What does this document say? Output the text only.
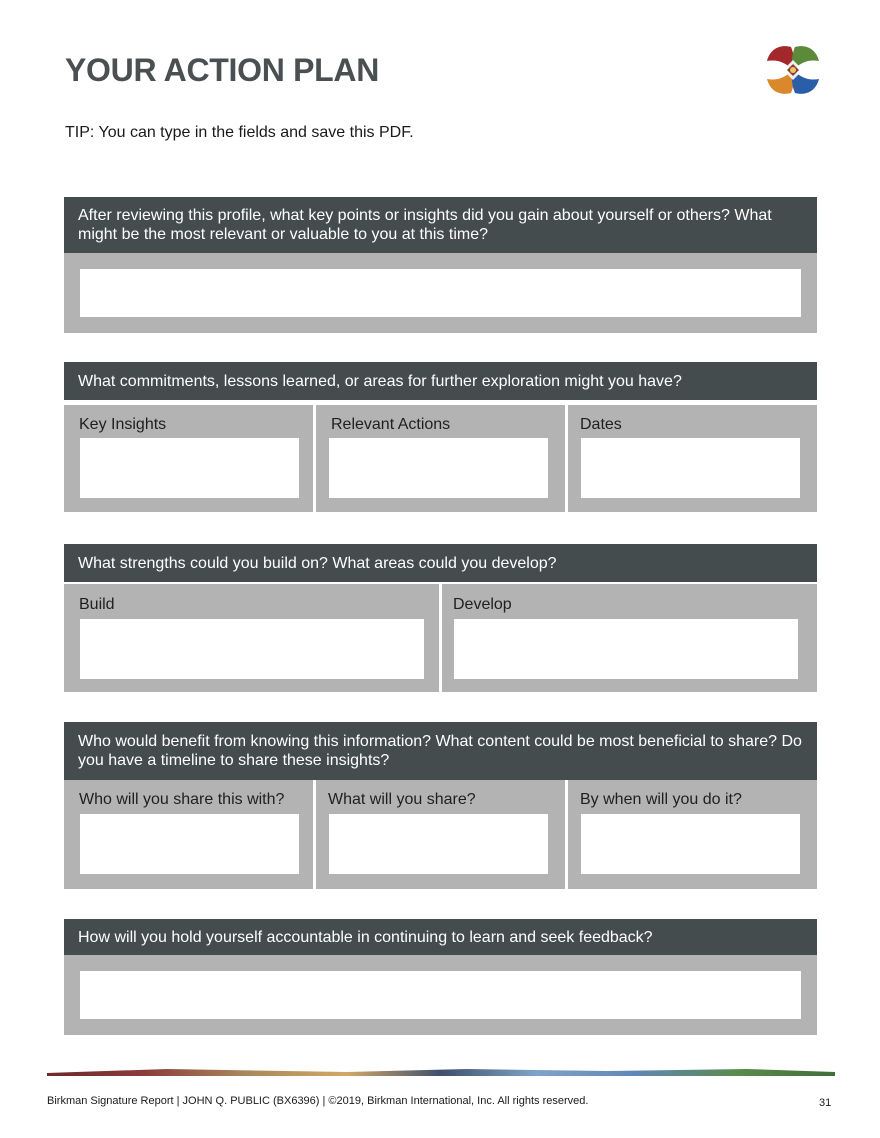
YOUR ACTION PLAN
TIP: You can type in the fields and save this PDF.
After reviewing this profile, what key points or insights did you gain about yourself or others? What might be the most relevant or valuable to you at this time?
What commitments, lessons learned, or areas for further exploration might you have?
Key Insights	Relevant Actions	Dates
What strengths could you build on? What areas could you develop?
Build	Develop
Who would benefit from knowing this information? What content could be most beneficial to share? Do you have a timeline to share these insights?
Who will you share this with?	What will you share?	By when will you do it?
How will you hold yourself accountable in continuing to learn and seek feedback?
Birkman Signature Report | JOHN Q. PUBLIC (BX6396) | ©2019, Birkman International, Inc. All rights reserved.	31
